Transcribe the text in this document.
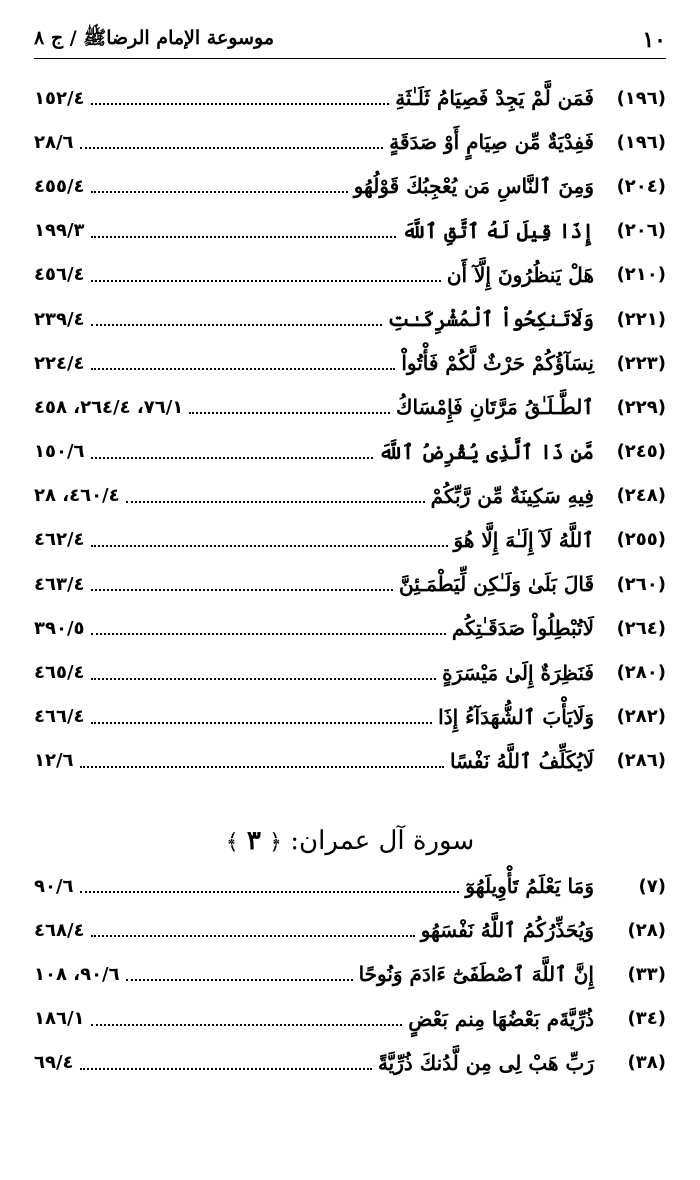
١٠
موسوعة الإمام الرضاﷺ / ج ٨
(١٩٦)
فَمَن لَّمْ يَجِدْ فَصِيَامُ ثَلَـٰثَةِ
١٥٢/٤
(١٩٦)
فَفِدْيَةٌ مِّن صِيَامٍ أَوْ صَدَقَةٍ
٢٨/٦
(٢٠٤)
وَمِنَ ٱلنَّاسِ مَن يُعْجِبُكَ قَوْلُهُو
٤٥٥/٤
(٢٠٦)
إِذَا قِيلَ لَهُ ٱتَّقِ ٱللَّهَ
١٩٩/٣
(٢١٠)
هَلْ يَنظُرُونَ إِلَّآ أَن
٤٥٦/٤
(٢٢١)
وَلَاتَنكِحُواْ ٱلْمُشْرِكَـٰتِ
٢٣٩/٤
(٢٢٣)
نِسَآؤُكُمْ حَرْثٌ لَّكُمْ فَأْتُواْ
٢٢٤/٤
(٢٢٩)
ٱلطَّـلَـٰقُ مَرَّتَانِ فَإِمْسَاكُ
٧٦/١، ٢٦٤/٤، ٤٥٨
(٢٤٥)
مَّن ذَا ٱلَّذِى يُقْرِضُ ٱللَّهَ
١٥٠/٦
(٢٤٨)
فِيهِ سَكِينَةٌ مِّن رَّبِّكُمْ
٤٦٠/٤، ٢٨
(٢٥٥)
ٱللَّهُ لَآ إِلَـٰهَ إِلَّا هُوَ
٤٦٢/٤
(٢٦٠)
قَالَ بَلَىٰ وَلَـٰكِن لِّيَطْمَـئِنَّ
٤٦٣/٤
(٢٦٤)
لَاتُبْطِلُواْ صَدَقَـٰتِكُم
٣٩٠/٥
(٢٨٠)
فَنَظِرَةٌ إِلَىٰ مَيْسَرَةٍ
٤٦٥/٤
(٢٨٢)
وَلَايَأْبَ ٱلشُّهَدَآءُ إِذَا
٤٦٦/٤
(٢٨٦)
لَايُكَلِّفُ ٱللَّهُ نَفْسًا
١٢/٦
سورة آل عمران: ﴿ ٣ ﴾
(٧)
وَمَا يَعْلَمُ تَأْوِيلَهُوٓ
٩٠/٦
(٢٨)
وَيُحَذِّرُكُمُ ٱللَّهُ نَفْسَهُو
٤٦٨/٤
(٣٣)
إِنَّ ٱللَّهَ ٱصْطَفَىٰٓ ءَادَمَ وَنُوحًا
٩٠/٦، ١٠٨
(٣٤)
ذُرِّيَّةَم بَعْضُهَا مِنم بَعْضٍ
١٨٦/١
(٣٨)
رَبِّ هَبْ لِى مِن لَّدُنكَ ذُرِّيَّةً
٦٩/٤
